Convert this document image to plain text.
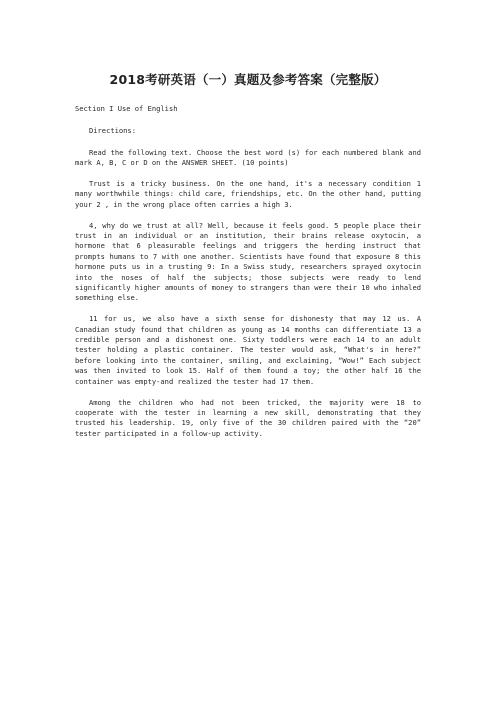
2018考研英语（一）真题及参考答案（完整版）

Section I Use of English

Directions:

Read the following text. Choose the best word (s) for each numbered blank and mark A, B, C or D on the ANSWER SHEET. (10 points)

Trust is a tricky business. On the one hand, it's a necessary condition 1 many worthwhile things: child care, friendships, etc. On the other hand, putting your 2 , in the wrong place often carries a high 3.

4, why do we trust at all? Well, because it feels good. 5 people place their trust in an individual or an institution, their brains release oxytocin, a hormone that 6 pleasurable feelings and triggers the herding instruct that prompts humans to 7 with one another. Scientists have found that exposure 8 this hormone puts us in a trusting 9: In a Swiss study, researchers sprayed oxytocin into the noses of half the subjects; those subjects were ready to lend significantly higher amounts of money to strangers than were their 10 who inhaled something else.

11 for us, we also have a sixth sense for dishonesty that may 12 us. A Canadian study found that children as young as 14 months can differentiate 13 a credible person and a dishonest one. Sixty toddlers were each 14 to an adult tester holding a plastic container. The tester would ask, “What's in here?” before looking into the container, smiling, and exclaiming, “Wow!” Each subject was then invited to look 15. Half of them found a toy; the other half 16 the container was empty-and realized the tester had 17 them.

Among the children who had not been tricked, the majority were 18 to cooperate with the tester in learning a new skill, demonstrating that they trusted his leadership. 19, only five of the 30 children paired with the “20” tester participated in a follow-up activity.
